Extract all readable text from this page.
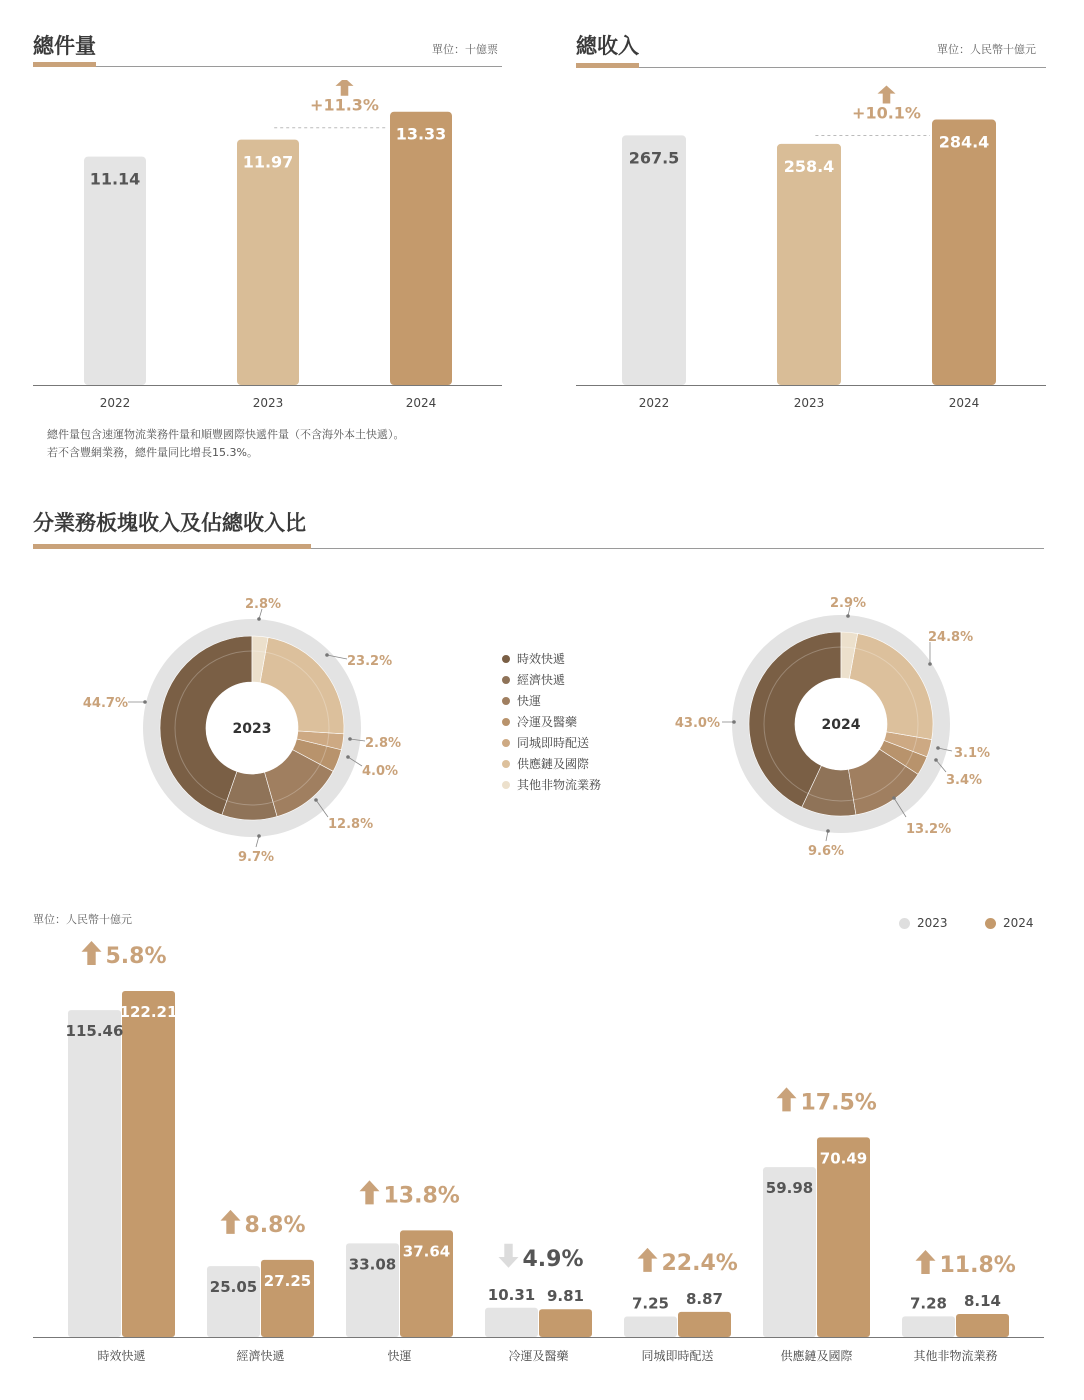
總件量	單位：十億票
11.14
2022
11.97
2023
13.33
2024
+11.3%
總件量包含速運物流業務件量和順豐國際快遞件量（不含海外本土快遞）。
若不含豐網業務，總件量同比增長15.3%。
總收入	單位：人民幣十億元
267.5
2022
258.4
2023
284.4
2024
+10.1%
分業務板塊收入及佔總收入比
2023
44.7%
9.7%
12.8%
4.0%
2.8%
23.2%
2.8%
2024
43.0%
9.6%
13.2%
3.4%
3.1%
24.8%
2.9%
時效快遞
經濟快遞
快運
冷運及醫藥
同城即時配送
供應鏈及國際
其他非物流業務
單位：人民幣十億元	2023	2024
115.46
122.21
5.8%
時效快遞
25.05 27.25
8.8%
經濟快遞
33.08
37.64
13.8%
快運
10.31 9.81
4.9%
冷運及醫藥
7.25 8.87
22.4%
同城即時配送
59.98
70.49
17.5%
供應鏈及國際
7.28 8.14
11.8%
其他非物流業務
